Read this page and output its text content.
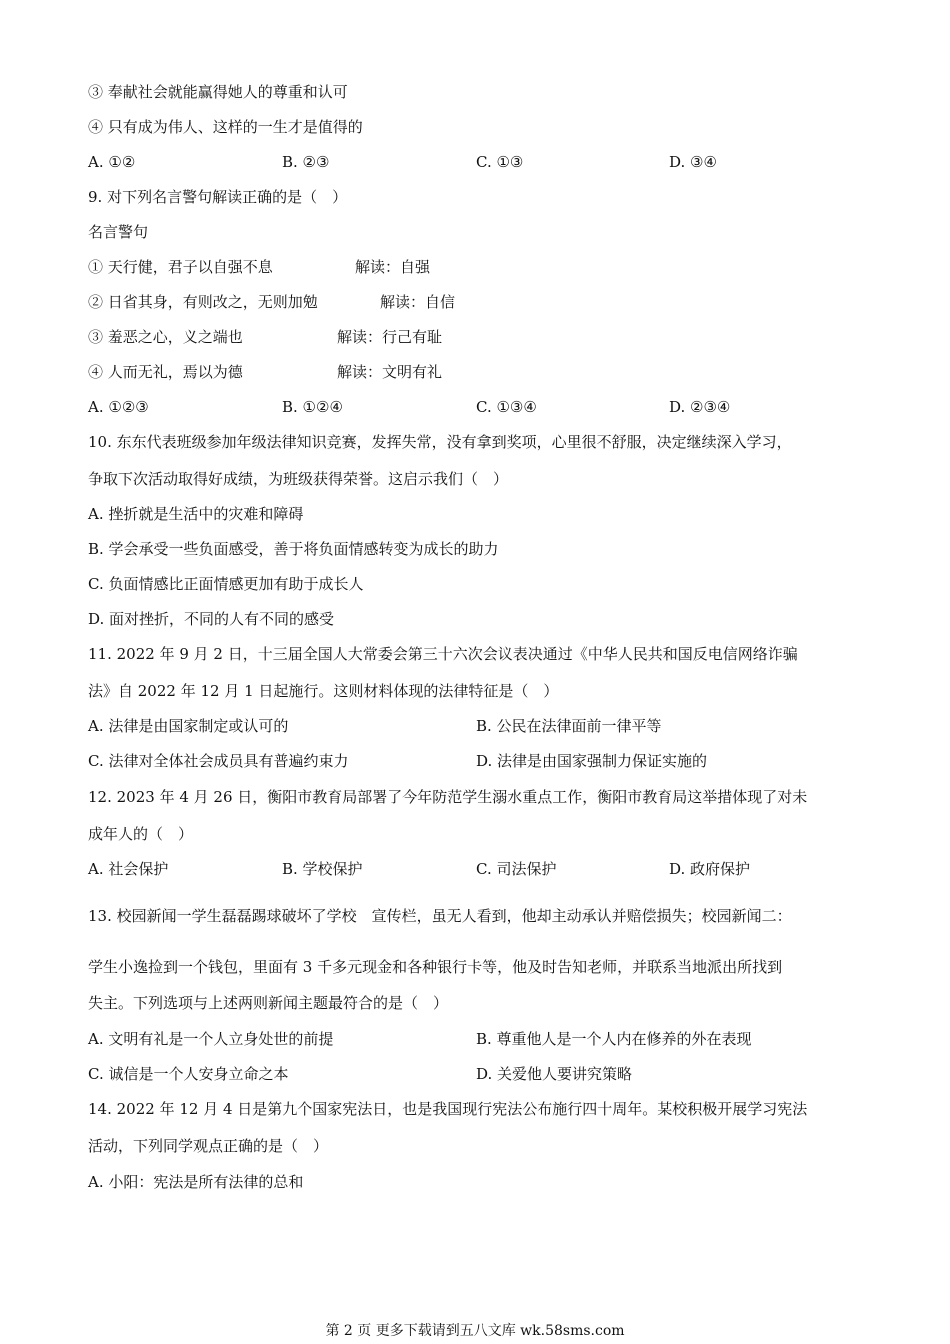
③ 奉献社会就能赢得她人的尊重和认可
④ 只有成为伟人、这样的一生才是值得的
A. ①②	B. ②③	C. ①③	D. ③④
9. 对下列名言警句解读正确的是（　）
名言警句
① 天行健，君子以自强不息	解读：自强
② 日省其身，有则改之，无则加勉	解读：自信
③ 羞恶之心，义之端也	解读：行己有耻
④ 人而无礼，焉以为德	解读：文明有礼
A. ①②③	B. ①②④	C. ①③④	D. ②③④
10. 东东代表班级参加年级法律知识竞赛，发挥失常，没有拿到奖项，心里很不舒服，决定继续深入学习，
争取下次活动取得好成绩，为班级获得荣誉。这启示我们（　）
A. 挫折就是生活中的灾难和障碍
B. 学会承受一些负面感受，善于将负面情感转变为成长的助力
C. 负面情感比正面情感更加有助于成长人
D. 面对挫折，不同的人有不同的感受
11. 2022 年 9 月 2 日，十三届全国人大常委会第三十六次会议表决通过《中华人民共和国反电信网络诈骗
法》自 2022 年 12 月 1 日起施行。这则材料体现的法律特征是（　）
A. 法律是由国家制定或认可的	B. 公民在法律面前一律平等
C. 法律对全体社会成员具有普遍约束力	D. 法律是由国家强制力保证实施的
12. 2023 年 4 月 26 日，衡阳市教育局部署了今年防范学生溺水重点工作，衡阳市教育局这举措体现了对未
成年人的（　）
A. 社会保护	B. 学校保护	C. 司法保护	D. 政府保护
13. 校园新闻一学生磊磊踢球破坏了学校　宣传栏，虽无人看到，他却主动承认并赔偿损失；校园新闻二：
学生小逸捡到一个钱包，里面有 3 千多元现金和各种银行卡等，他及时告知老师，并联系当地派出所找到
失主。下列选项与上述两则新闻主题最符合的是（　）
A. 文明有礼是一个人立身处世的前提	B. 尊重他人是一个人内在修养的外在表现
C. 诚信是一个人安身立命之本	D. 关爱他人要讲究策略
14. 2022 年 12 月 4 日是第九个国家宪法日，也是我国现行宪法公布施行四十周年。某校积极开展学习宪法
活动，下列同学观点正确的是（　）
A. 小阳：宪法是所有法律的总和
第 2 页 更多下载请到五八文库 wk.58sms.com
